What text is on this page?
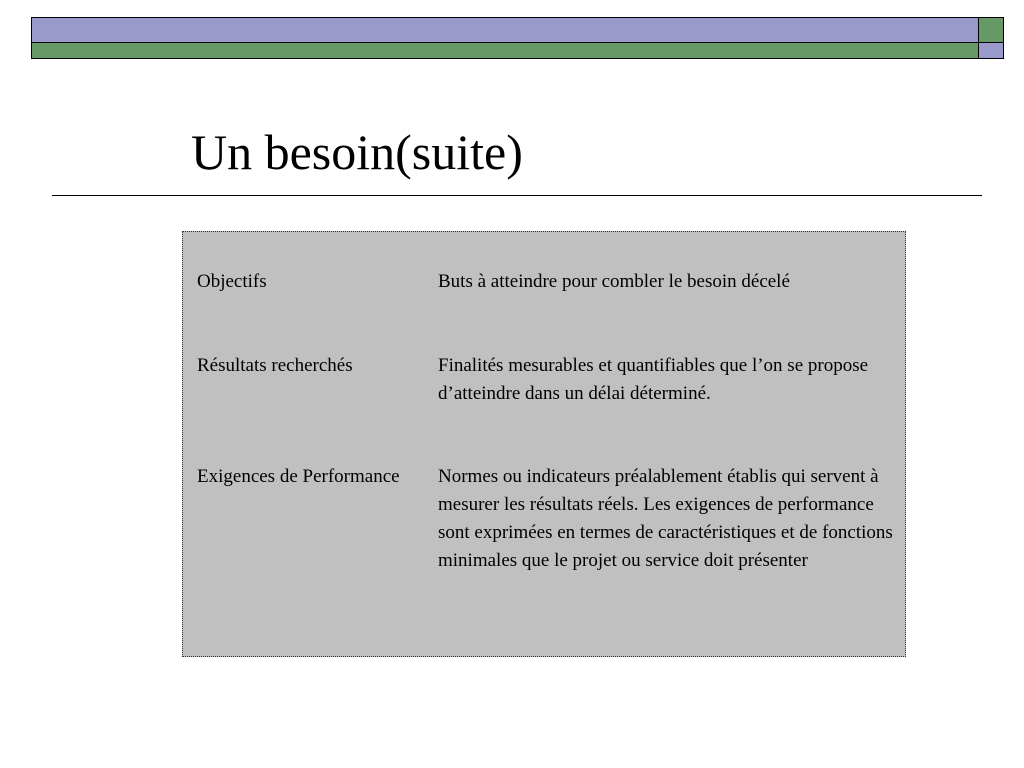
Un besoin(suite)
Objectifs	Buts à atteindre pour combler le besoin décelé
Résultats recherchés	Finalités mesurables et quantifiables que l’on se propose d’atteindre dans un délai déterminé.
Exigences de Performance	Normes ou indicateurs préalablement établis qui servent à mesurer les résultats réels. Les exigences de performance sont exprimées en termes de caractéristiques et de fonctions minimales que le projet ou service doit présenter
